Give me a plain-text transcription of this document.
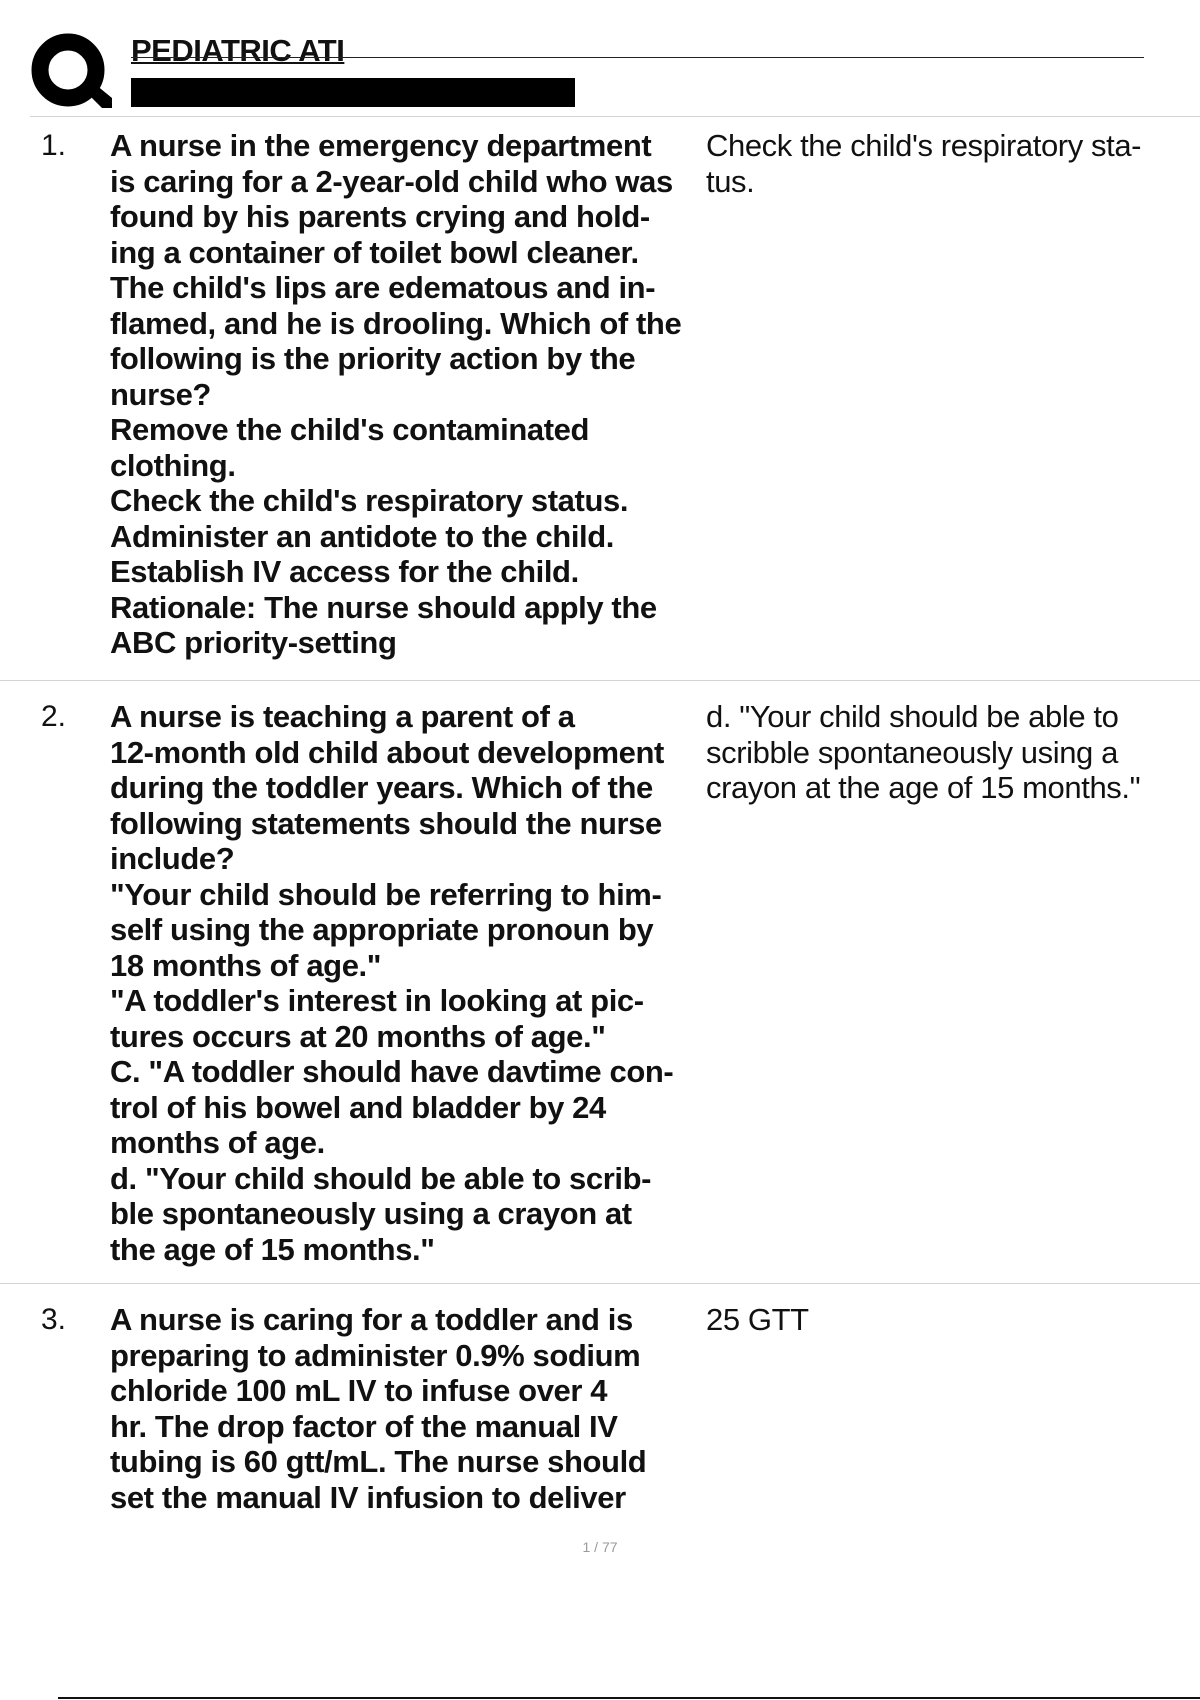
PEDIATRIC ATI
1. A nurse in the emergency department
is caring for a 2-year-old child who was
found by his parents crying and hold-
ing a container of toilet bowl cleaner.
The child's lips are edematous and in-
flamed, and he is drooling. Which of the
following is the priority action by the
nurse?
Remove the child's contaminated
clothing.
Check the child's respiratory status.
Administer an antidote to the child.
Establish IV access for the child.
Rationale: The nurse should apply the
ABC priority-setting
Check the child's respiratory sta-
tus.
2. A nurse is teaching a parent of a
12-month old child about development
during the toddler years. Which of the
following statements should the nurse
include?
"Your child should be referring to him-
self using the appropriate pronoun by
18 months of age."
"A toddler's interest in looking at pic-
tures occurs at 20 months of age."
C. "A toddler should have davtime con-
trol of his bowel and bladder by 24
months of age.
d. "Your child should be able to scrib-
ble spontaneously using a crayon at
the age of 15 months."
d. "Your child should be able to
scribble spontaneously using a
crayon at the age of 15 months."
3. A nurse is caring for a toddler and is
preparing to administer 0.9% sodium
chloride 100 mL IV to infuse over 4
hr. The drop factor of the manual IV
tubing is 60 gtt/mL. The nurse should
set the manual IV infusion to deliver
25 GTT
1 / 77
